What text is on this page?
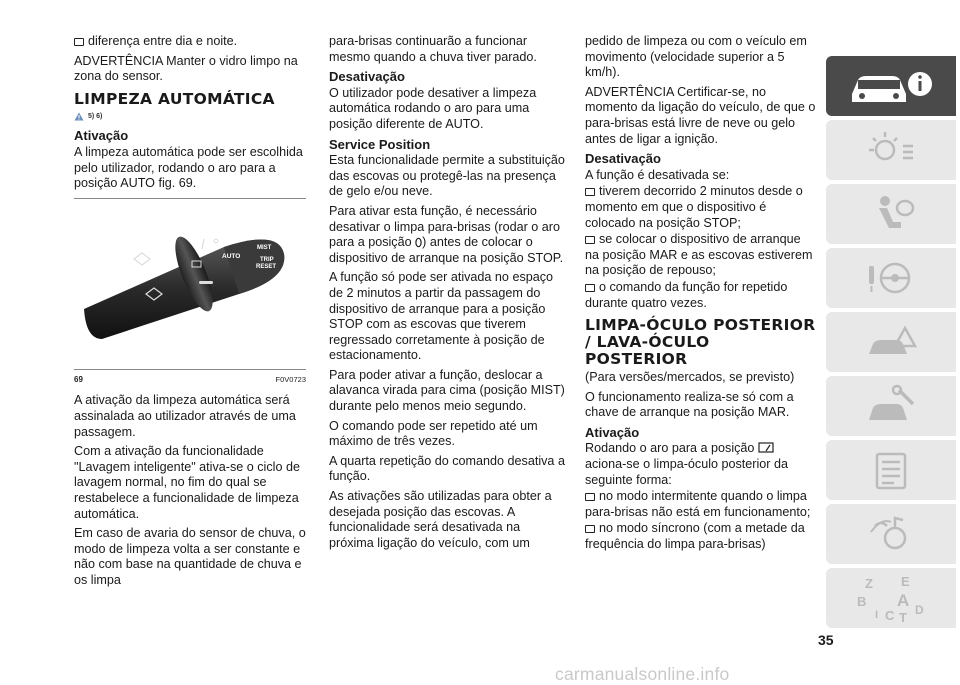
diferença entre dia e noite.

ADVERTÊNCIA Manter o vidro limpo na zona do sensor.

LIMPEZA AUTOMÁTICA
5) 6)
Ativação

A limpeza automática pode ser escolhida pelo utilizador, rodando o aro para a posição AUTO fig. 69.

AUTO
MIST
TRIP
RESET
69	F0V0723

A ativação da limpeza automática será assinalada ao utilizador através de uma passagem.

Com a ativação da funcionalidade "Lavagem inteligente" ativa-se o ciclo de lavagem normal, no fim do qual se restabelece a funcionalidade de limpeza automática.

Em caso de avaria do sensor de chuva, o modo de limpeza volta a ser constante e não com base na quantidade de chuva e os limpa

para-brisas continuarão a funcionar mesmo quando a chuva tiver parado.

Desativação

O utilizador pode desativer a limpeza automática rodando o aro para uma posição diferente de AUTO.

Service Position

Esta funcionalidade permite a substituição das escovas ou protegê-las na presença de gelo e/ou neve.

Para ativar esta função, é necessário desativar o limpa para-brisas (rodar o aro para a posição ) antes de colocar o dispositivo de arranque na posição STOP.

A função só pode ser ativada no espaço de 2 minutos a partir da passagem do dispositivo de arranque para a posição STOP com as escovas que tiverem regressado corretamente à posição de estacionamento.

Para poder ativar a função, deslocar a alavanca virada para cima (posição MIST) durante pelo menos meio segundo.

O comando pode ser repetido até um máximo de três vezes.

A quarta repetição do comando desativa a função.

As ativações são utilizadas para obter a desejada posição das escovas. A funcionalidade será desativada na próxima ligação do veículo, com um

pedido de limpeza ou com o veículo em movimento (velocidade superior a 5 km/h).

ADVERTÊNCIA Certificar-se, no momento da ligação do veículo, de que o para-brisas está livre de neve ou gelo antes de ligar a ignição.

Desativação

A função é desativada se:

tiverem decorrido 2 minutos desde o momento em que o dispositivo é colocado na posição STOP;

se colocar o dispositivo de arranque na posição MAR e as escovas estiverem na posição de repouso;

o comando da função for repetido durante quatro vezes.

LIMPA-ÓCULO POSTERIOR / LAVA-ÓCULO POSTERIOR

(Para versões/mercados, se previsto)

O funcionamento realiza-se só com a chave de arranque na posição MAR.

Ativação

Rodando o aro para a posição  aciona-se o limpa-óculo posterior da seguinte forma:

no modo intermitente quando o limpa para-brisas não está em funcionamento;

no modo síncrono (com a metade da frequência do limpa para-brisas)

Z E
B A
I C T D
35
carmanualsonline.info
